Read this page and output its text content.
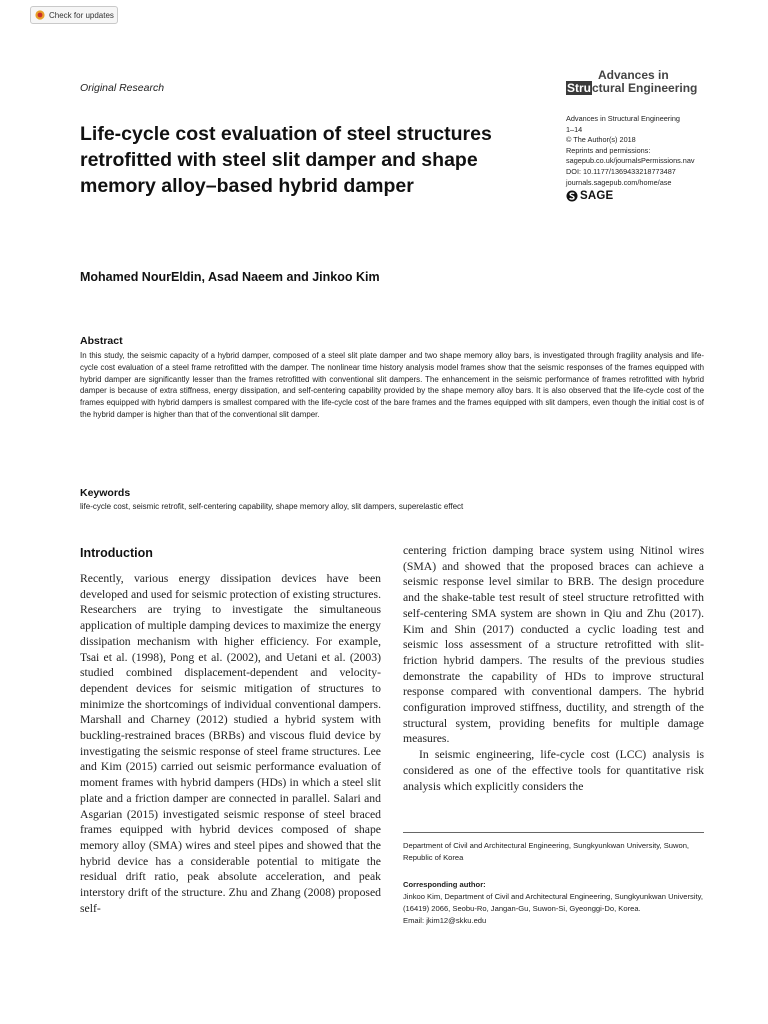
Check for updates
Original Research
Advances in
Stru ctural Engineering
Advances in Structural Engineering
1–14
© The Author(s) 2018
Reprints and permissions:
sagepub.co.uk/journalsPermissions.nav
DOI: 10.1177/1369433218773487
journals.sagepub.com/home/ase
SAGE
Life-cycle cost evaluation of steel structures retrofitted with steel slit damper and shape memory alloy–based hybrid damper
Mohamed NourEldin, Asad Naeem and Jinkoo Kim
Abstract

In this study, the seismic capacity of a hybrid damper, composed of a steel slit plate damper and two shape memory alloy bars, is investigated through fragility analysis and life-cycle cost evaluation of a steel frame retrofitted with the damper. The nonlinear time history analysis model frames show that the seismic responses of the frames equipped with hybrid damper are significantly lesser than the frames retrofitted with conventional slit dampers. The enhancement in the seismic performance of frames retrofitted with hybrid damper is because of extra stiffness, energy dissipation, and self-centering capability provided by the shape memory alloy bars. It is also observed that the life-cycle cost of the frames equipped with hybrid dampers is smallest compared with the life-cycle cost of the bare frames and the frames equipped with slit dampers, even though the initial cost is of the hybrid damper is higher than that of the conventional slit damper.

Keywords
life-cycle cost, seismic retrofit, self-centering capability, shape memory alloy, slit dampers, superelastic effect
Introduction

Recently, various energy dissipation devices have been developed and used for seismic protection of existing structures. Researchers are trying to investigate the simultaneous application of multiple damping devices to maximize the energy dissipation mechanism with higher efficiency. For example, Tsai et al. (1998), Pong et al. (2002), and Uetani et al. (2003) studied combined displacement-dependent and velocity-dependent devices for seismic mitigation of structures to minimize the shortcomings of individual conventional dampers. Marshall and Charney (2012) studied a hybrid system with buckling-restrained braces (BRBs) and viscous fluid device by investigating the seismic response of steel frame structures. Lee and Kim (2015) carried out seismic performance evaluation of moment frames with hybrid dampers (HDs) in which a steel slit plate and a friction damper are connected in parallel. Salari and Asgarian (2015) investigated seismic response of steel braced frames equipped with hybrid devices composed of shape memory alloy (SMA) wires and steel pipes and showed that the hybrid device has a considerable potential to mitigate the residual drift ratio, peak absolute acceleration, and peak interstory drift of the structure. Zhu and Zhang (2008) proposed self-

centering friction damping brace system using Nitinol wires (SMA) and showed that the proposed braces can achieve a seismic response level similar to BRB. The design procedure and the shake-table test result of steel structure retrofitted with self-centering SMA system are shown in Qiu and Zhu (2017). Kim and Shin (2017) conducted a cyclic loading test and seismic loss assessment of a structure retrofitted with slit-friction hybrid dampers. The results of the previous studies demonstrate the capability of HDs to improve structural response compared with conventional dampers. The hybrid configuration improved stiffness, ductility, and strength of the structural system, providing benefits for multiple damage measures.

In seismic engineering, life-cycle cost (LCC) analysis is considered as one of the effective tools for quantitative risk analysis which explicitly considers the

Department of Civil and Architectural Engineering, Sungkyunkwan University, Suwon, Republic of Korea
Corresponding author:
Jinkoo Kim, Department of Civil and Architectural Engineering, Sungkyunkwan University, (16419) 2066, Seobu-Ro, Jangan-Gu, Suwon-Si, Gyeonggi-Do, Korea.
Email: jkim12@skku.edu
